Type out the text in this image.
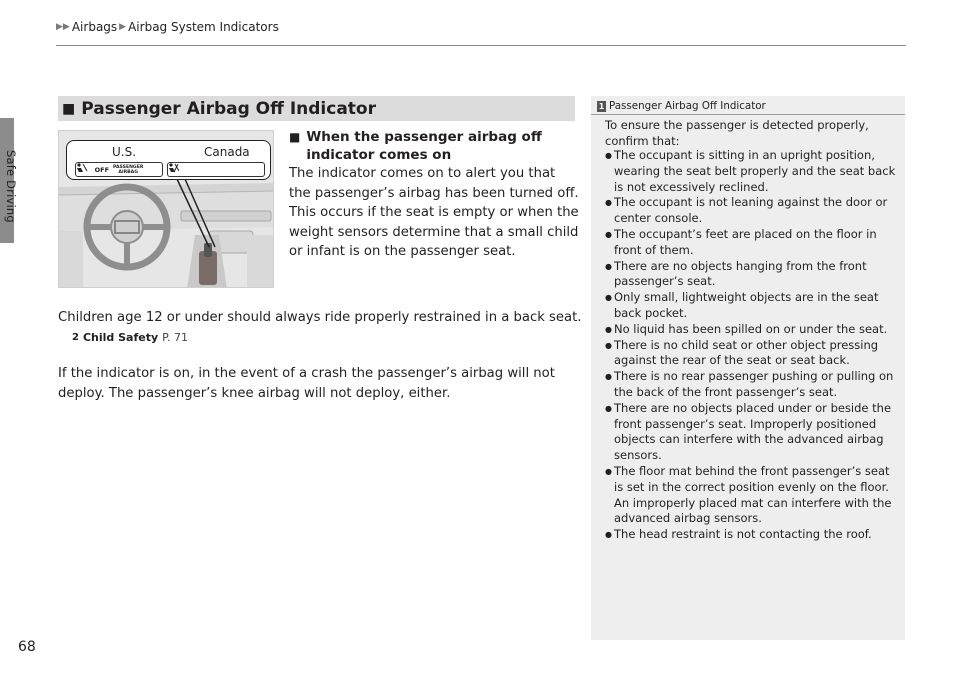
Safe Driving
▶▶ Airbags ▶ Airbag System Indicators
■ Passenger Airbag Off Indicator
U.S.	Canada
OFF PASSENGER
AIRBAG
■ When the passenger airbag off indicator comes on

The indicator comes on to alert you that the passenger’s airbag has been turned off. This occurs if the seat is empty or when the weight sensors determine that a small child or infant is on the passenger seat.

Children age 12 or under should always ride properly restrained in a back seat.

2 Child Safety P. 71

If the indicator is on, in the event of a crash the passenger’s airbag will not deploy. The passenger’s knee airbag will not deploy, either.

1 Passenger Airbag Off Indicator

To ensure the passenger is detected properly, confirm that:

● The occupant is sitting in an upright position, wearing the seat belt properly and the seat back is not excessively reclined.
● The occupant is not leaning against the door or center console.
● The occupant’s feet are placed on the floor in front of them.
● There are no objects hanging from the front passenger’s seat.
● Only small, lightweight objects are in the seat back pocket.
● No liquid has been spilled on or under the seat.
● There is no child seat or other object pressing against the rear of the seat or seat back.
● There is no rear passenger pushing or pulling on the back of the front passenger’s seat.
● There are no objects placed under or beside the front passenger’s seat. Improperly positioned objects can interfere with the advanced airbag sensors.
● The floor mat behind the front passenger’s seat is set in the correct position evenly on the floor. An improperly placed mat can interfere with the advanced airbag sensors.
● The head restraint is not contacting the roof.
68
